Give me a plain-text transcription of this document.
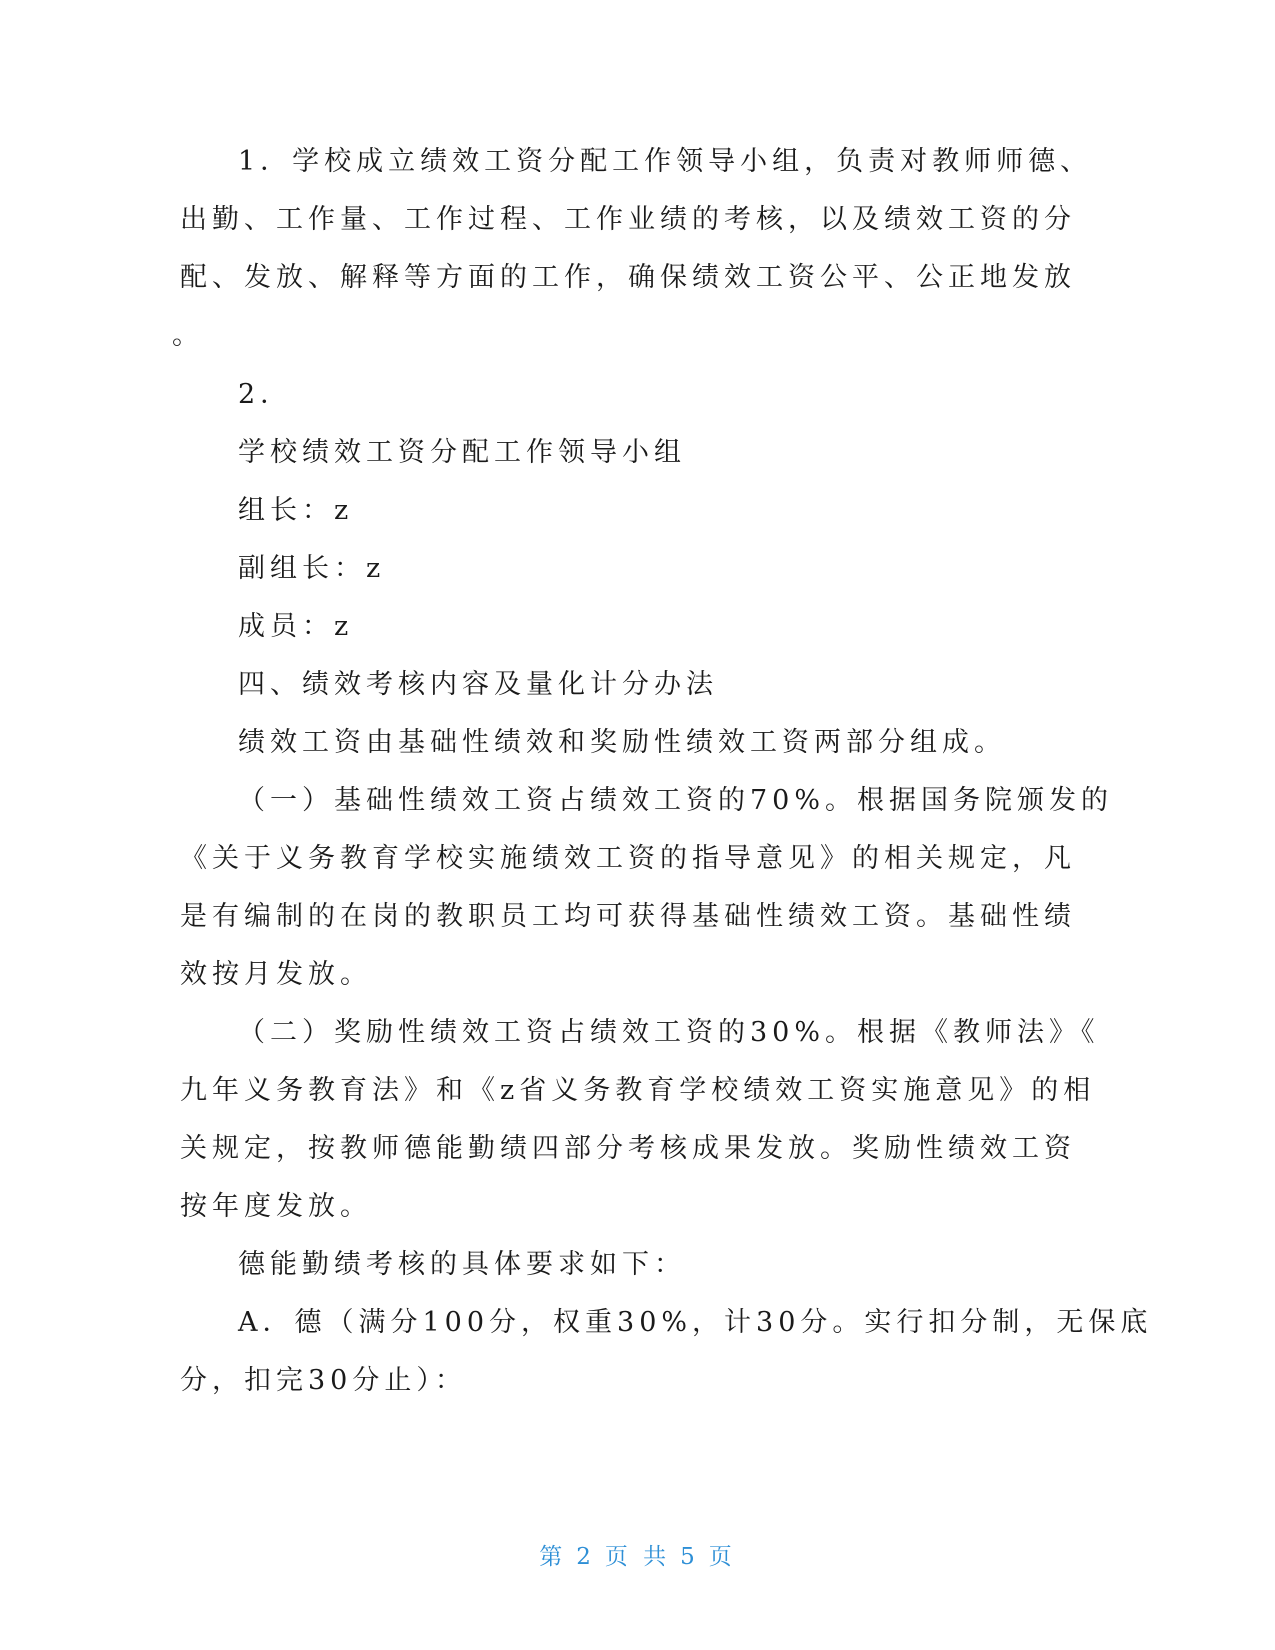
1．学校成立绩效工资分配工作领导小组，负责对教师师德、
出勤、工作量、工作过程、工作业绩的考核，以及绩效工资的分
配、发放、解释等方面的工作，确保绩效工资公平、公正地发放
。
2．
学校绩效工资分配工作领导小组
组长：z
副组长：z
成员：z
四、绩效考核内容及量化计分办法
绩效工资由基础性绩效和奖励性绩效工资两部分组成。
（一）基础性绩效工资占绩效工资的70%。根据国务院颁发的
《关于义务教育学校实施绩效工资的指导意见》的相关规定，凡
是有编制的在岗的教职员工均可获得基础性绩效工资。基础性绩
效按月发放。
（二）奖励性绩效工资占绩效工资的30%。根据《教师法》《
九年义务教育法》和《z省义务教育学校绩效工资实施意见》的相
关规定，按教师德能勤绩四部分考核成果发放。奖励性绩效工资
按年度发放。
德能勤绩考核的具体要求如下：
A．德（满分100分，权重30%，计30分。实行扣分制，无保底
分，扣完30分止）：
第 2 页 共 5 页
